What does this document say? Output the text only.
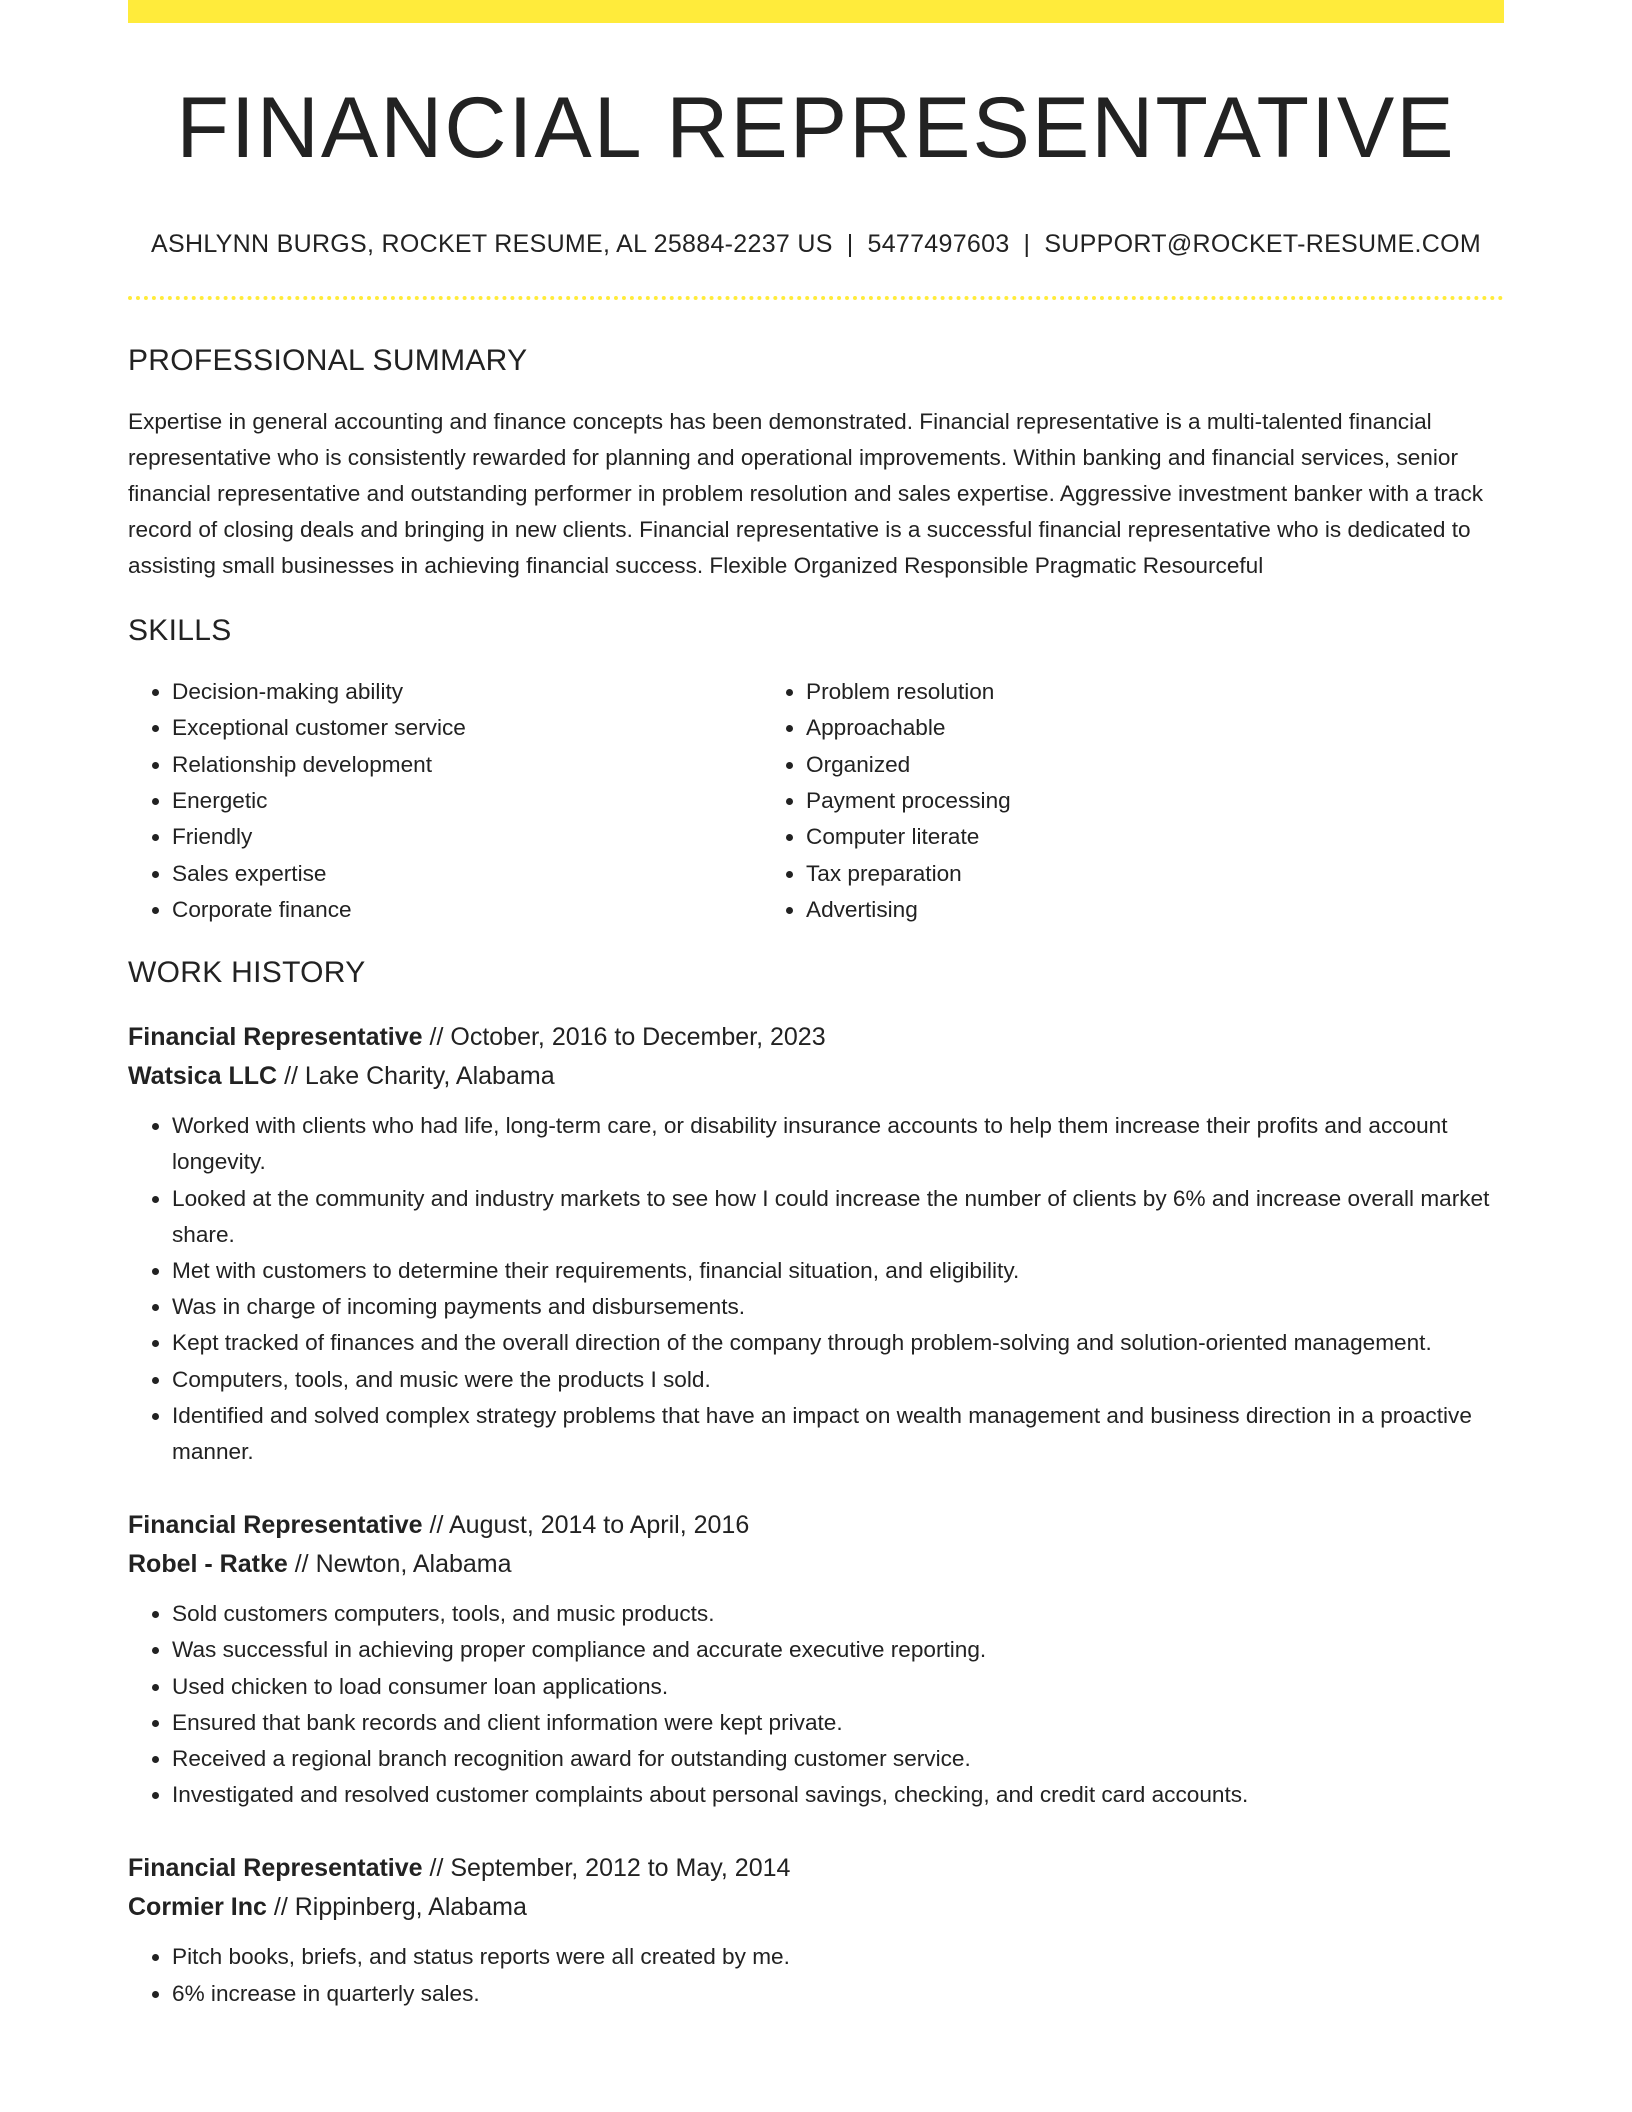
FINANCIAL REPRESENTATIVE
ASHLYNN BURGS, ROCKET RESUME, AL 25884-2237 US | 5477497603 | SUPPORT@ROCKET-RESUME.COM
PROFESSIONAL SUMMARY

Expertise in general accounting and finance concepts has been demonstrated. Financial representative is a multi-talented financial representative who is consistently rewarded for planning and operational improvements. Within banking and financial services, senior financial representative and outstanding performer in problem resolution and sales expertise. Aggressive investment banker with a track record of closing deals and bringing in new clients. Financial representative is a successful financial representative who is dedicated to assisting small businesses in achieving financial success. Flexible Organized Responsible Pragmatic Resourceful

SKILLS
• Decision-making ability
• Exceptional customer service
• Relationship development
• Energetic
• Friendly
• Sales expertise
• Corporate finance
• Problem resolution
• Approachable
• Organized
• Payment processing
• Computer literate
• Tax preparation
• Advertising
WORK HISTORY
Financial Representative // October, 2016 to December, 2023
Watsica LLC // Lake Charity, Alabama
• Worked with clients who had life, long-term care, or disability insurance accounts to help them increase their profits and account longevity.
• Looked at the community and industry markets to see how I could increase the number of clients by 6% and increase overall market share.
• Met with customers to determine their requirements, financial situation, and eligibility.
• Was in charge of incoming payments and disbursements.
• Kept tracked of finances and the overall direction of the company through problem-solving and solution-oriented management.
• Computers, tools, and music were the products I sold.
• Identified and solved complex strategy problems that have an impact on wealth management and business direction in a proactive manner.
Financial Representative // August, 2014 to April, 2016
Robel - Ratke // Newton, Alabama
• Sold customers computers, tools, and music products.
• Was successful in achieving proper compliance and accurate executive reporting.
• Used chicken to load consumer loan applications.
• Ensured that bank records and client information were kept private.
• Received a regional branch recognition award for outstanding customer service.
• Investigated and resolved customer complaints about personal savings, checking, and credit card accounts.
Financial Representative // September, 2012 to May, 2014
Cormier Inc // Rippinberg, Alabama
• Pitch books, briefs, and status reports were all created by me.
• 6% increase in quarterly sales.
